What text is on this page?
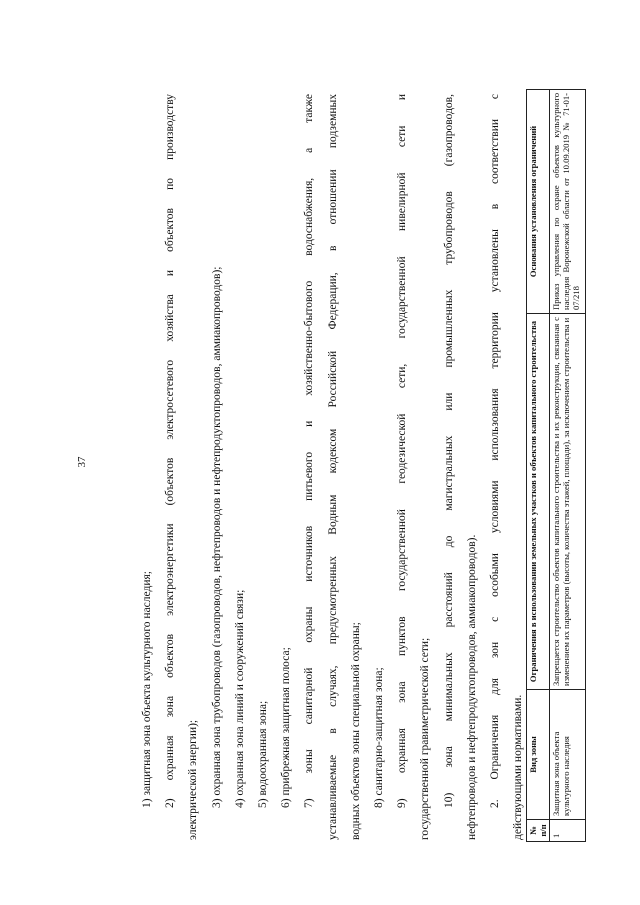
37
1) защитная зона объекта культурного наследия; 2) охранная зона объектов электроэнергетики (объектов электросетевого хозяйства и объектов по производству электрической энергии); 3) охранная зона трубопроводов (газопроводов, нефтепроводов и нефтепродуктопроводов, аммиакопроводов); 4) охранная зона линий и сооружений связи; 5) водоохранная зона; 6) прибрежная защитная полоса; 7) зоны санитарной охраны источников питьевого и хозяйственно-бытового водоснабжения, а также устанавливаемые в случаях, предусмотренных Водным кодексом Российской Федерации, в отношении подземных водных объектов зоны специальной охраны; 8) санитарно-защитная зона; 9) охранная зона пунктов государственной геодезической сети, государственной нивелирной сети и государственной гравиметрической сети; 10) зона минимальных расстояний до магистральных или промышленных трубопроводов (газопроводов, нефтепроводов и нефтепродуктопроводов, аммиакопроводов). 2. Ограничения для зон с особыми условиями использования территории установлены в соответствии с действующими нормативами. № п/п	Вид зоны	Ограничения в использовании земельных участков и объектов капитального строительства	Основания установления ограничений
1	Защитная зона объекта культурного наследия	Запрещается строительство объектов капитального строительства и их реконструкция, связанная с изменением их параметров (высоты, количества этажей, площади), за исключением строительства и	Приказ управления по охране объектов культурного наследия Воронежской области от 10.09.2019 № 71-01-07/218
